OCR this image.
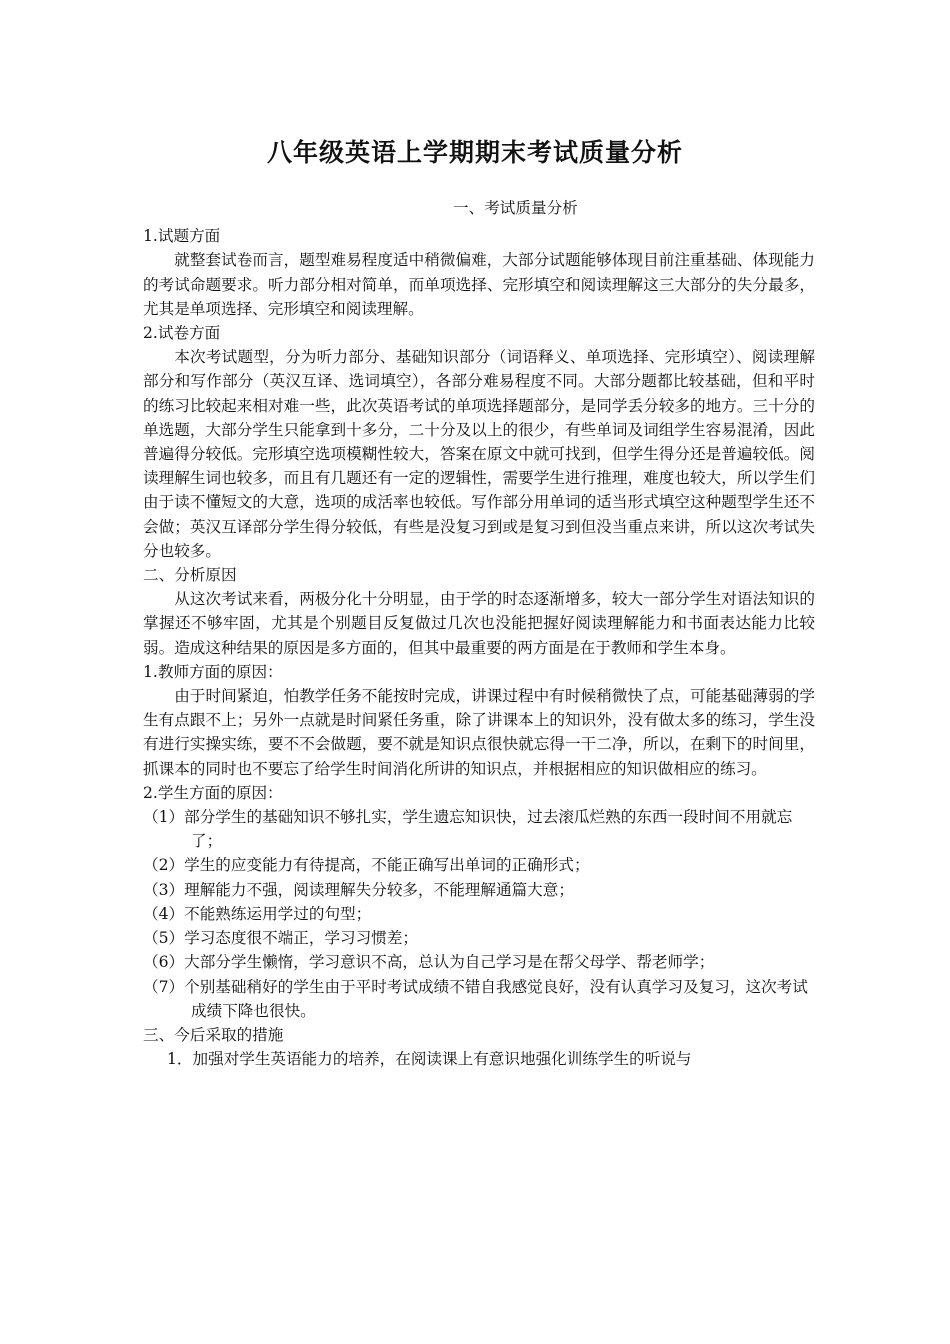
八年级英语上学期期末考试质量分析

一、考试质量分析

1.试题方面

就整套试卷而言，题型难易程度适中稍微偏难，大部分试题能够体现目前注重基础、体现能力的考试命题要求。听力部分相对简单，而单项选择、完形填空和阅读理解这三大部分的失分最多，尤其是单项选择、完形填空和阅读理解。

2.试卷方面

本次考试题型，分为听力部分、基础知识部分（词语释义、单项选择、完形填空）、阅读理解部分和写作部分（英汉互译、选词填空），各部分难易程度不同。大部分题都比较基础，但和平时的练习比较起来相对难一些，此次英语考试的单项选择题部分，是同学丢分较多的地方。三十分的单选题，大部分学生只能拿到十多分，二十分及以上的很少，有些单词及词组学生容易混淆，因此普遍得分较低。完形填空选项模糊性较大，答案在原文中就可找到，但学生得分还是普遍较低。阅读理解生词也较多，而且有几题还有一定的逻辑性，需要学生进行推理，难度也较大，所以学生们由于读不懂短文的大意，选项的成活率也较低。写作部分用单词的适当形式填空这种题型学生还不会做；英汉互译部分学生得分较低，有些是没复习到或是复习到但没当重点来讲，所以这次考试失分也较多。

二、分析原因

从这次考试来看，两极分化十分明显，由于学的时态逐渐增多，较大一部分学生对语法知识的掌握还不够牢固，尤其是个别题目反复做过几次也没能把握好阅读理解能力和书面表达能力比较弱。造成这种结果的原因是多方面的，但其中最重要的两方面是在于教师和学生本身。

1.教师方面的原因：

由于时间紧迫，怕教学任务不能按时完成，讲课过程中有时候稍微快了点，可能基础薄弱的学生有点跟不上；另外一点就是时间紧任务重，除了讲课本上的知识外，没有做太多的练习，学生没有进行实操实练，要不不会做题，要不就是知识点很快就忘得一干二净，所以，在剩下的时间里，抓课本的同时也不要忘了给学生时间消化所讲的知识点，并根据相应的知识做相应的练习。

2.学生方面的原因：

（1）部分学生的基础知识不够扎实，学生遗忘知识快，过去滚瓜烂熟的东西一段时间不用就忘了；

（2）学生的应变能力有待提高，不能正确写出单词的正确形式；

（3）理解能力不强，阅读理解失分较多，不能理解通篇大意；

（4）不能熟练运用学过的句型；

（5）学习态度很不端正，学习习惯差；

（6）大部分学生懒惰，学习意识不高，总认为自己学习是在帮父母学、帮老师学；

（7）个别基础稍好的学生由于平时考试成绩不错自我感觉良好，没有认真学习及复习，这次考试成绩下降也很快。

三、今后采取的措施

1．加强对学生英语能力的培养，在阅读课上有意识地强化训练学生的听说与
